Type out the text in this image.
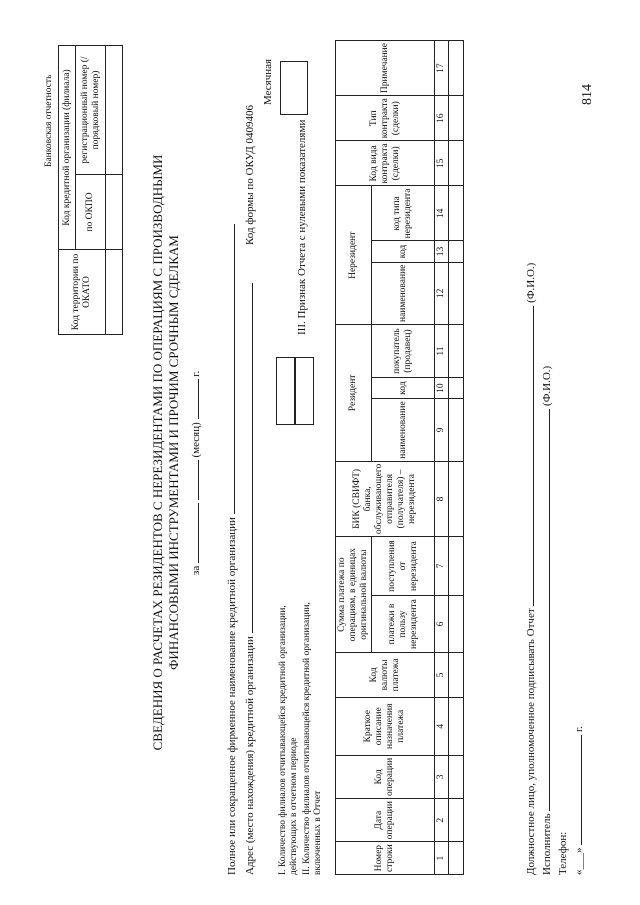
Банковская отчетность
Код территории по ОКАТО	Код кредитной организации (филиала)	
	по ОКПО	регистрационный номер (/порядковый номер)

СВЕДЕНИЯ О РАСЧЕТАХ РЕЗИДЕНТОВ С НЕРЕЗИДЕНТАМИ ПО ОПЕРАЦИЯМ С ПРОИЗВОДНЫМИ ФИНАНСОВЫМИ ИНСТРУМЕНТАМИ И ПРОЧИМ СРОЧНЫМ СДЕЛКАМ за   (месяц)  г.
Полное или сокращенное фирменное наименование кредитной организации Адрес (место нахождения) кредитной организации
Код формы по ОКУД 0409406
Месячная
I. Количество филиалов отчитывающейся кредитной организации, действующих в отчетном периоде II. Количество филиалов отчитывающейся кредитной организации, включенных в Отчет
III. Признак Отчета с нулевыми показателями
Номер строки	Дата операции	Код операции	Краткое описание назначения платежа	Код валюты платежа	Сумма платежа по операциям, в единицах оригинальной валюты		БИК (СВИФТ) банка, обслуживающего отправителя (получателя) – нерезидента	Резидент			Нерезидент			Код вида контракта (сделки)	Тип контракта (сделки)	Примечание
					платежи в пользу нерезидента	поступления от нерезидента		наименование	код	покупатель (продавец)	наименование	код	код типа нерезидента			
1	2	3	4	5	6	7	8	9	10	11	12	13	14	15	16	17

Должностное лицо, уполномоченное подписывать Отчет  (Ф.И.О.)
Исполнитель  (Ф.И.О.)
Телефон: «___»  г.
814
